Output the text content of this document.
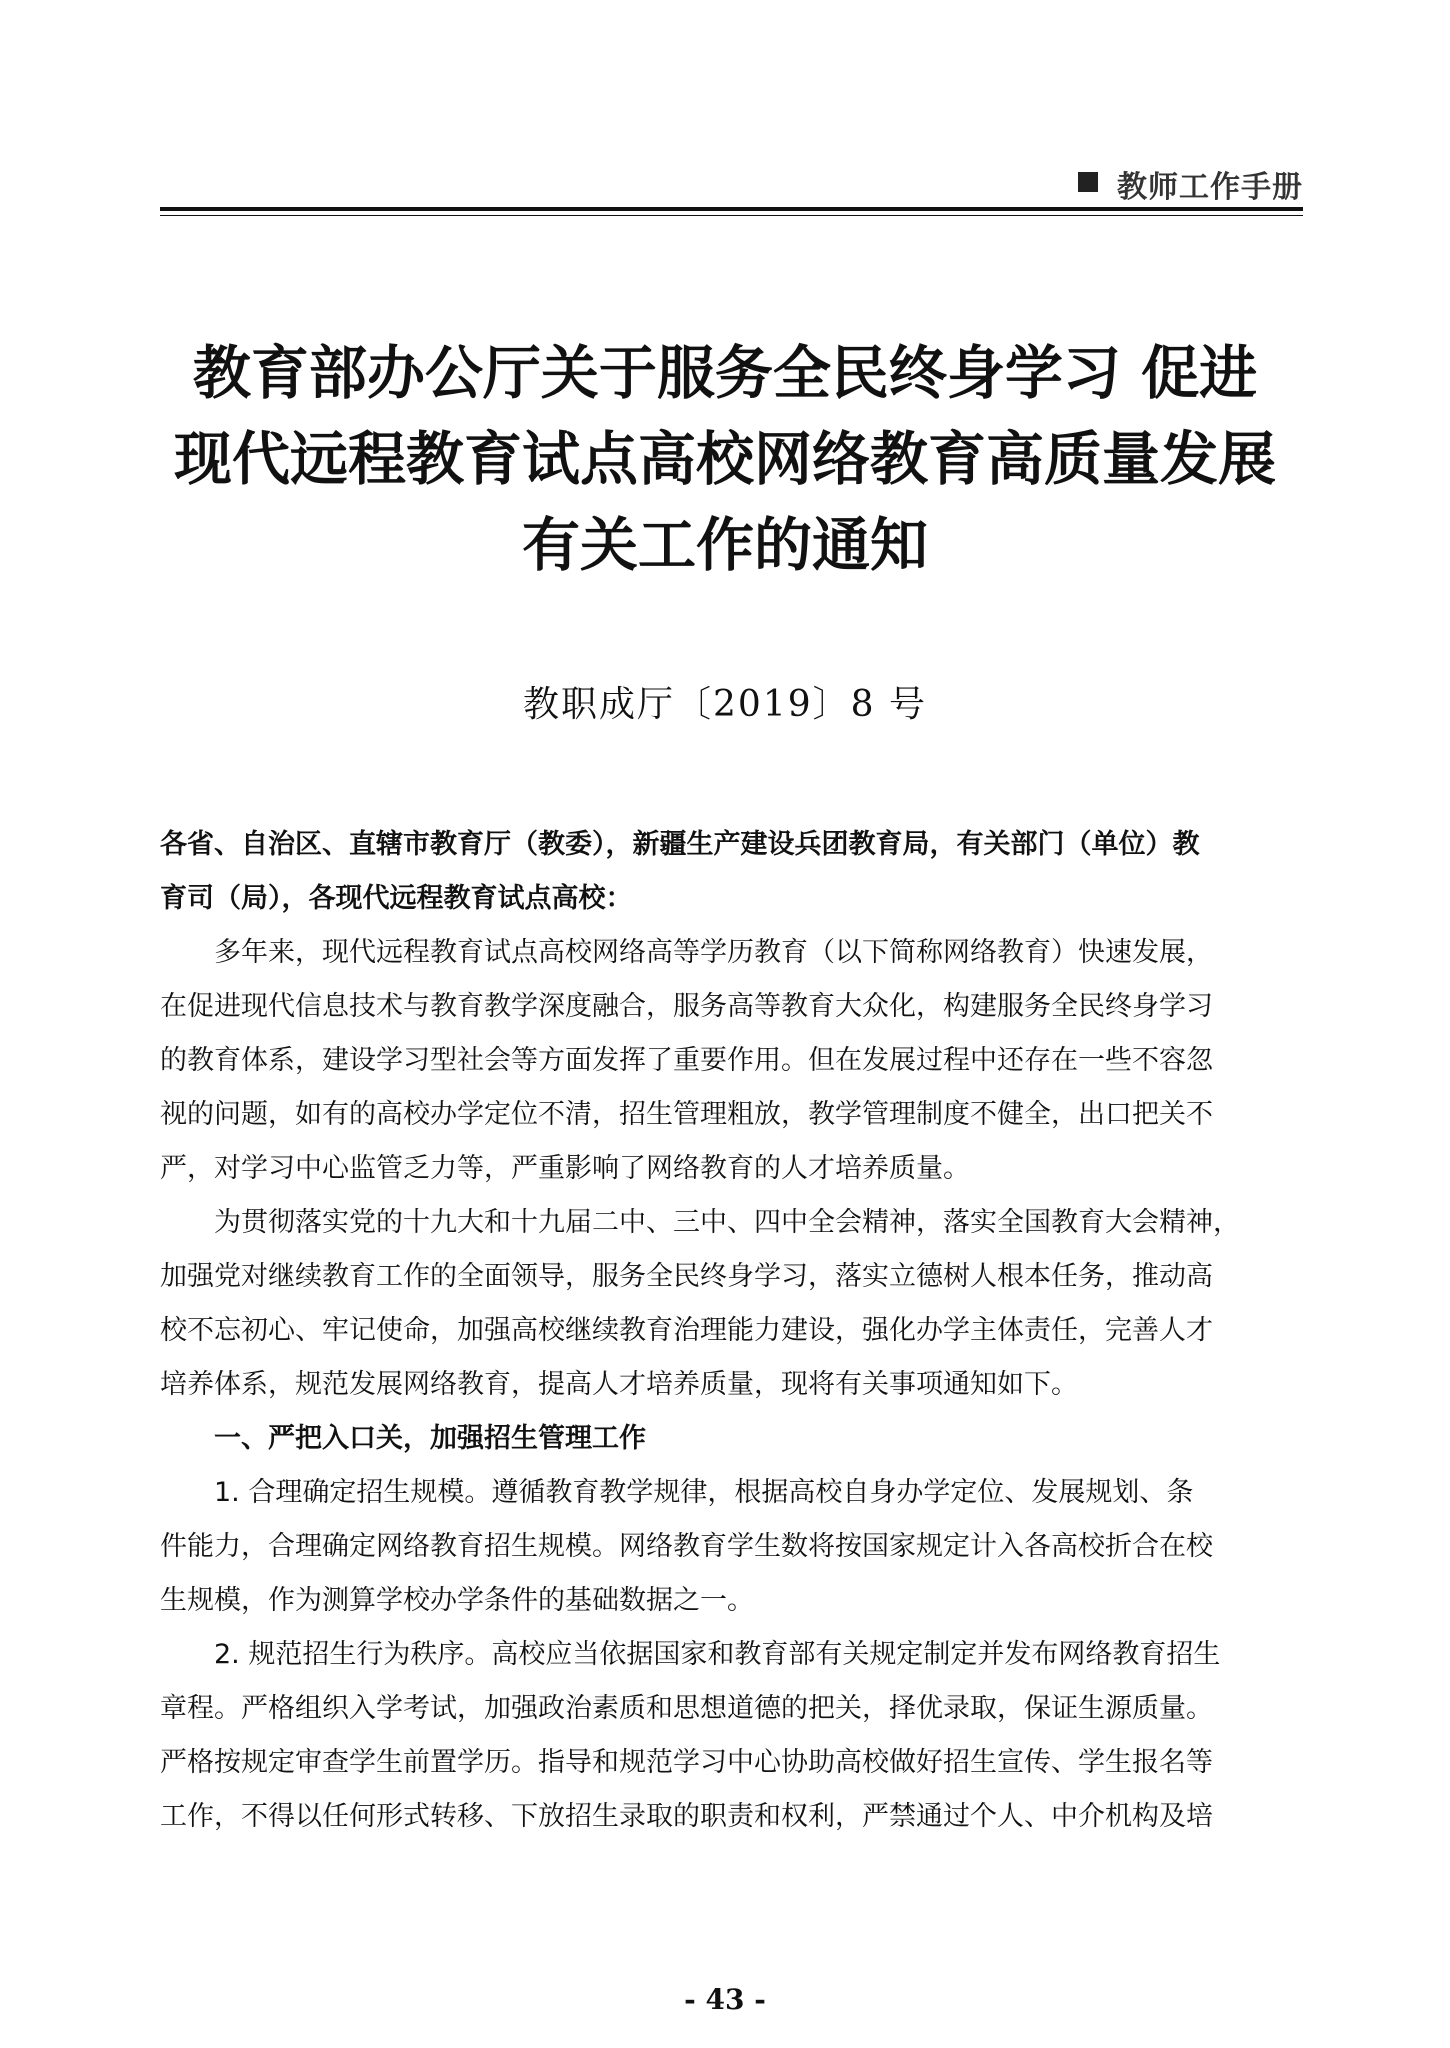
教师工作手册
教育部办公厅关于服务全民终身学习 促进
现代远程教育试点高校网络教育高质量发展
有关工作的通知
教职成厅〔2019〕8 号
各省、自治区、直辖市教育厅（教委），新疆生产建设兵团教育局，有关部门（单位）教
育司（局），各现代远程教育试点高校：
　　多年来，现代远程教育试点高校网络高等学历教育（以下简称网络教育）快速发展，
在促进现代信息技术与教育教学深度融合，服务高等教育大众化，构建服务全民终身学习
的教育体系，建设学习型社会等方面发挥了重要作用。但在发展过程中还存在一些不容忽
视的问题，如有的高校办学定位不清，招生管理粗放，教学管理制度不健全，出口把关不
严，对学习中心监管乏力等，严重影响了网络教育的人才培养质量。
　　为贯彻落实党的十九大和十九届二中、三中、四中全会精神，落实全国教育大会精神，
加强党对继续教育工作的全面领导，服务全民终身学习，落实立德树人根本任务，推动高
校不忘初心、牢记使命，加强高校继续教育治理能力建设，强化办学主体责任，完善人才
培养体系，规范发展网络教育，提高人才培养质量，现将有关事项通知如下。
　　一、严把入口关，加强招生管理工作
　　1. 合理确定招生规模。遵循教育教学规律，根据高校自身办学定位、发展规划、条
件能力，合理确定网络教育招生规模。网络教育学生数将按国家规定计入各高校折合在校
生规模，作为测算学校办学条件的基础数据之一。
　　2. 规范招生行为秩序。高校应当依据国家和教育部有关规定制定并发布网络教育招生
章程。严格组织入学考试，加强政治素质和思想道德的把关，择优录取，保证生源质量。
严格按规定审查学生前置学历。指导和规范学习中心协助高校做好招生宣传、学生报名等
工作，不得以任何形式转移、下放招生录取的职责和权利，严禁通过个人、中介机构及培
- 43 -
